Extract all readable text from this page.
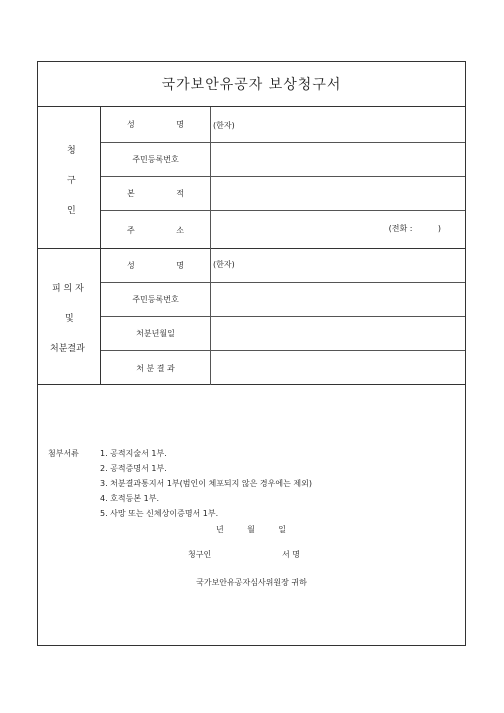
국가보안유공자 보상청구서
청
구
인
성	명	(한자)
주민등록번호
본	적
주	소	(전화 :          )
피 의 자
및
처분결과
성	명	(한자)
주민등록번호
처분년월일
처 분 결 과
첨부서류	1. 공적지술서 1부.
2. 공적증명서 1부.
3. 처분결과통지서 1부(범인이 체포되지 않은 경우에는 제외)
4. 호적등본 1부.
5. 사망 또는 신체상이증명서 1부.
년	월	일
청구인	서 명
국가보안유공자심사위원장 귀하
